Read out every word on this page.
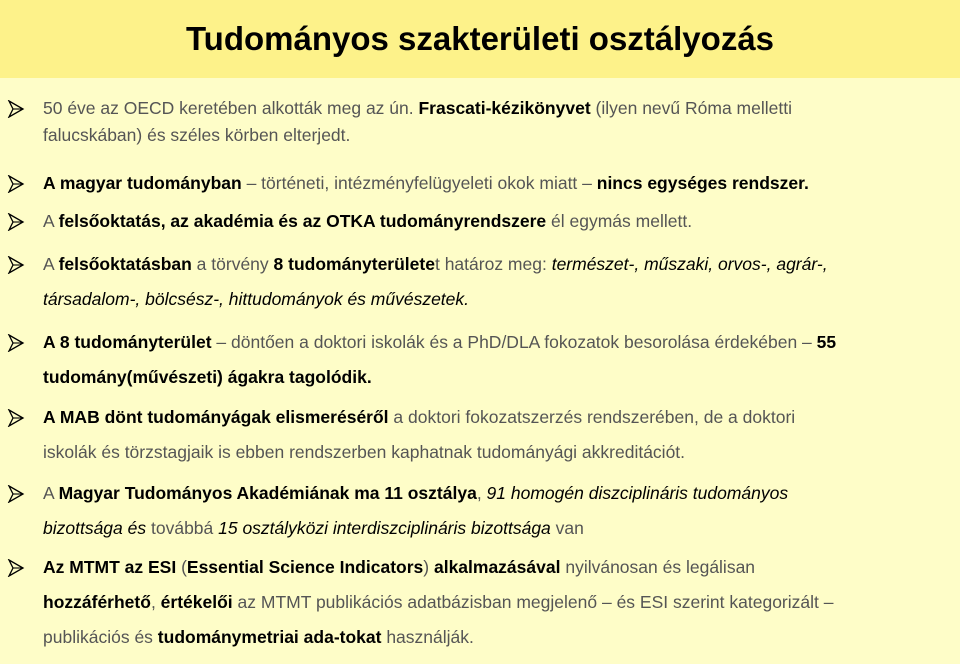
Tudományos szakterületi osztályozás
50 éve az OECD keretében alkották meg az ún. Frascati-kézikönyvet (ilyen nevű Róma melletti
falucskában) és széles körben elterjedt.
A magyar tudományban – történeti, intézményfelügyeleti okok miatt – nincs egységes rendszer.
A felsőoktatás, az akadémia és az OTKA tudományrendszere él egymás mellett.
A felsőoktatásban a törvény 8 tudományterületet határoz meg: természet-, műszaki, orvos-, agrár-,
társadalom-, bölcsész-, hittudományok és művészetek.
A 8 tudományterület – döntően a doktori iskolák és a PhD/DLA fokozatok besorolása érdekében – 55
tudomány(művészeti) ágakra tagolódik.
A MAB dönt tudományágak elismeréséről a doktori fokozatszerzés rendszerében, de a doktori
iskolák és törzstagjaik is ebben rendszerben kaphatnak tudományági akkreditációt.
A Magyar Tudományos Akadémiának ma 11 osztálya, 91 homogén diszciplináris tudományos
bizottsága és továbbá 15 osztályközi interdiszciplináris bizottsága van
Az MTMT az ESI (Essential Science Indicators) alkalmazásával nyilvánosan és legálisan
hozzáférhető, értékelői az MTMT publikációs adatbázisban megjelenő – és ESI szerint kategorizált –
publikációs és tudománymetriai ada-tokat használják.
